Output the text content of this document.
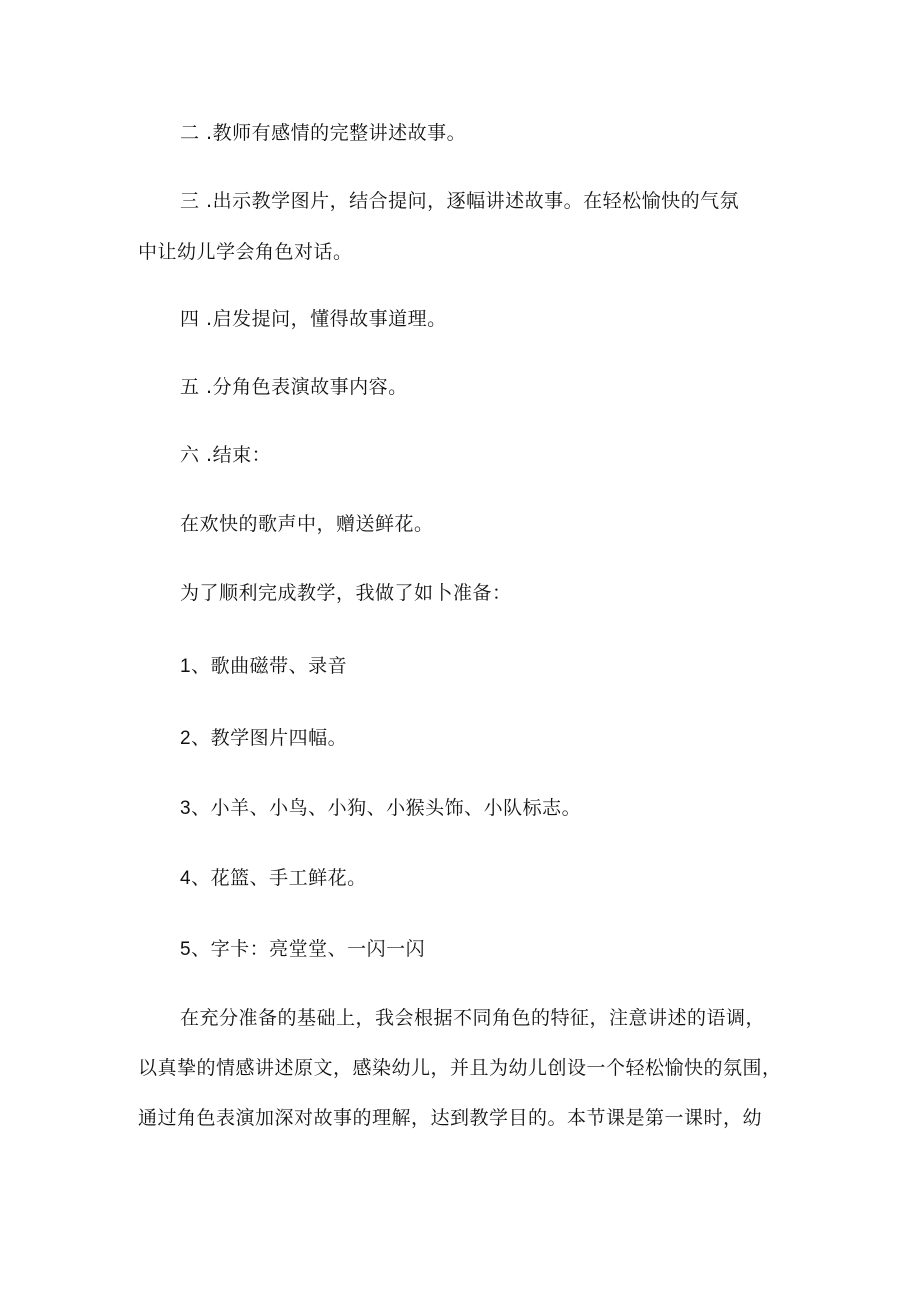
二 .教师有感情的完整讲述故事。
三 .出示教学图片，结合提问，逐幅讲述故事。在轻松愉快的气氛
中让幼儿学会角色对话。
四 .启发提问，懂得故事道理。
五 .分角色表演故事内容。
六 .结束：
在欢快的歌声中，赠送鲜花。
为了顺利完成教学，我做了如卜准备：
1、歌曲磁带、录音
2、教学图片四幅。
3、小羊、小鸟、小狗、小猴头饰、小队标志。
4、花篮、手工鲜花。
5、字卡：亮堂堂、一闪一闪
在充分准备的基础上，我会根据不同角色的特征，注意讲述的语调，
以真挚的情感讲述原文，感染幼儿，并且为幼儿创设一个轻松愉快的氛围，
通过角色表演加深对故事的理解，达到教学目的。本节课是第一课时，幼
